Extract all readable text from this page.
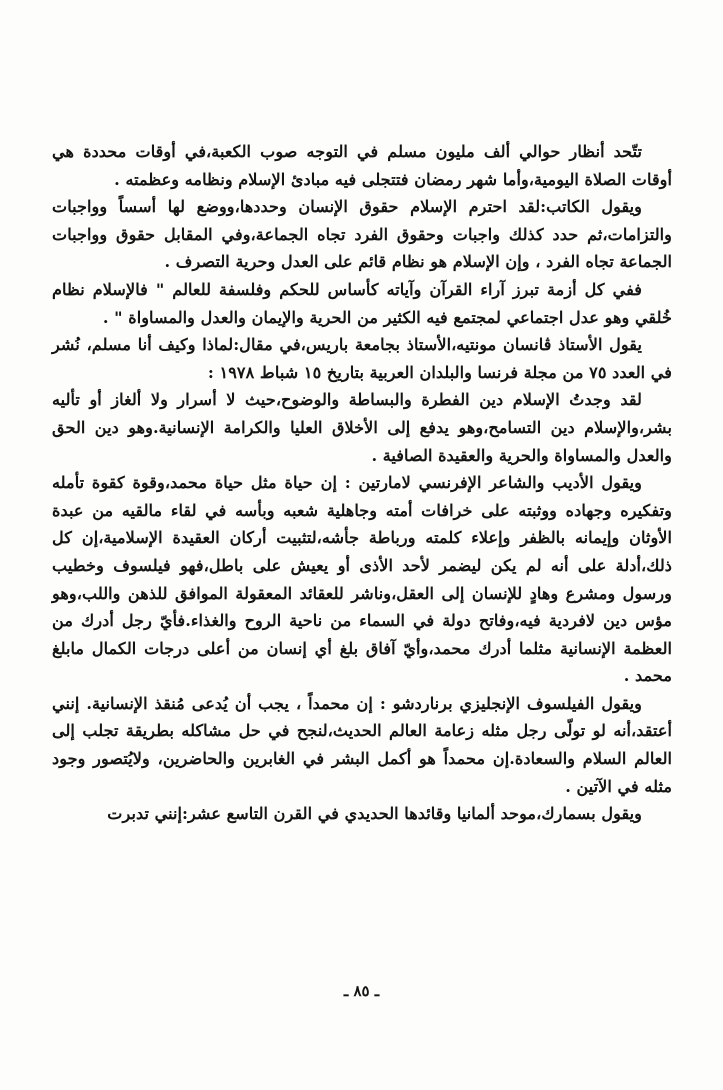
تتّحد أنظار حوالي ألف مليون مسلم في التوجه صوب الكعبة،في أوقات محددة هي أوقات الصلاة اليومية،وأما شهر رمضان فتتجلى فيه مبادئ الإسلام ونظامه وعظمته .

ويقول الكاتب:لقد احترم الإسلام حقوق الإنسان وحددها،ووضع لها أسساً وواجبات والتزامات،ثم حدد كذلك واجبات وحقوق الفرد تجاه الجماعة،وفي المقابل حقوق وواجبات الجماعة تجاه الفرد ، وإن الإسلام هو نظام قائم على العدل وحرية التصرف .

ففي كل أزمة تبرز آراء القرآن وآياته كأساس للحكم وفلسفة للعالم " فالإسلام نظام خُلقي وهو عدل اجتماعي لمجتمع فيه الكثير من الحرية والإيمان والعدل والمساواة " .

يقول الأستاذ ڤانسان مونتيه،الأستاذ بجامعة باريس،في مقال:لماذا وكيف أنا مسلم، نُشر في العدد ٧٥ من مجلة فرنسا والبلدان العربية بتاريخ ١٥ شباط ١٩٧٨ :

لقد وجدتُ الإسلام دين الفطرة والبساطة والوضوح،حيث لا أسرار ولا ألغاز أو تأليه بشر،والإسلام دين التسامح،وهو يدفع إلى الأخلاق العليا والكرامة الإنسانية.وهو دين الحق والعدل والمساواة والحرية والعقيدة الصافية .

ويقول الأديب والشاعر الإفرنسي لامارتين : إن حياة مثل حياة محمد،وقوة كقوة تأمله وتفكيره وجهاده ووثبته على خرافات أمته وجاهلية شعبه وبأسه في لقاء مالقيه من عبدة الأوثان وإيمانه بالظفر وإعلاء كلمته ورباطة جأشه،لتثبيت أركان العقيدة الإسلامية،إن كل ذلك،أدلة على أنه لم يكن ليضمر لأحد الأذى أو يعيش على باطل،فهو فيلسوف وخطيب ورسول ومشرع وهادٍ للإنسان إلى العقل،وناشر للعقائد المعقولة الموافق للذهن واللب،وهو مؤس دين لافردية فيه،وفاتح دولة في السماء من ناحية الروح والغذاء.فأيّ رجل أدرك من العظمة الإنسانية مثلما أدرك محمد،وأيّ آفاق بلغ أي إنسان من أعلى درجات الكمال مابلغ محمد .

ويقول الفيلسوف الإنجليزي برناردشو : إن محمداً ، يجب أن يُدعى مُنقذ الإنسانية. إنني أعتقد،أنه لو تولّى رجل مثله زعامة العالم الحديث،لنجح في حل مشاكله بطريقة تجلب إلى العالم السلام والسعادة.إن محمداً هو أكمل البشر في الغابرين والحاضرين، ولايُتصور وجود مثله في الآتين .

ويقول بسمارك،موحد ألمانيا وقائدها الحديدي في القرن التاسع عشر:إنني تدبرت

ـ ٨٥ ـ
